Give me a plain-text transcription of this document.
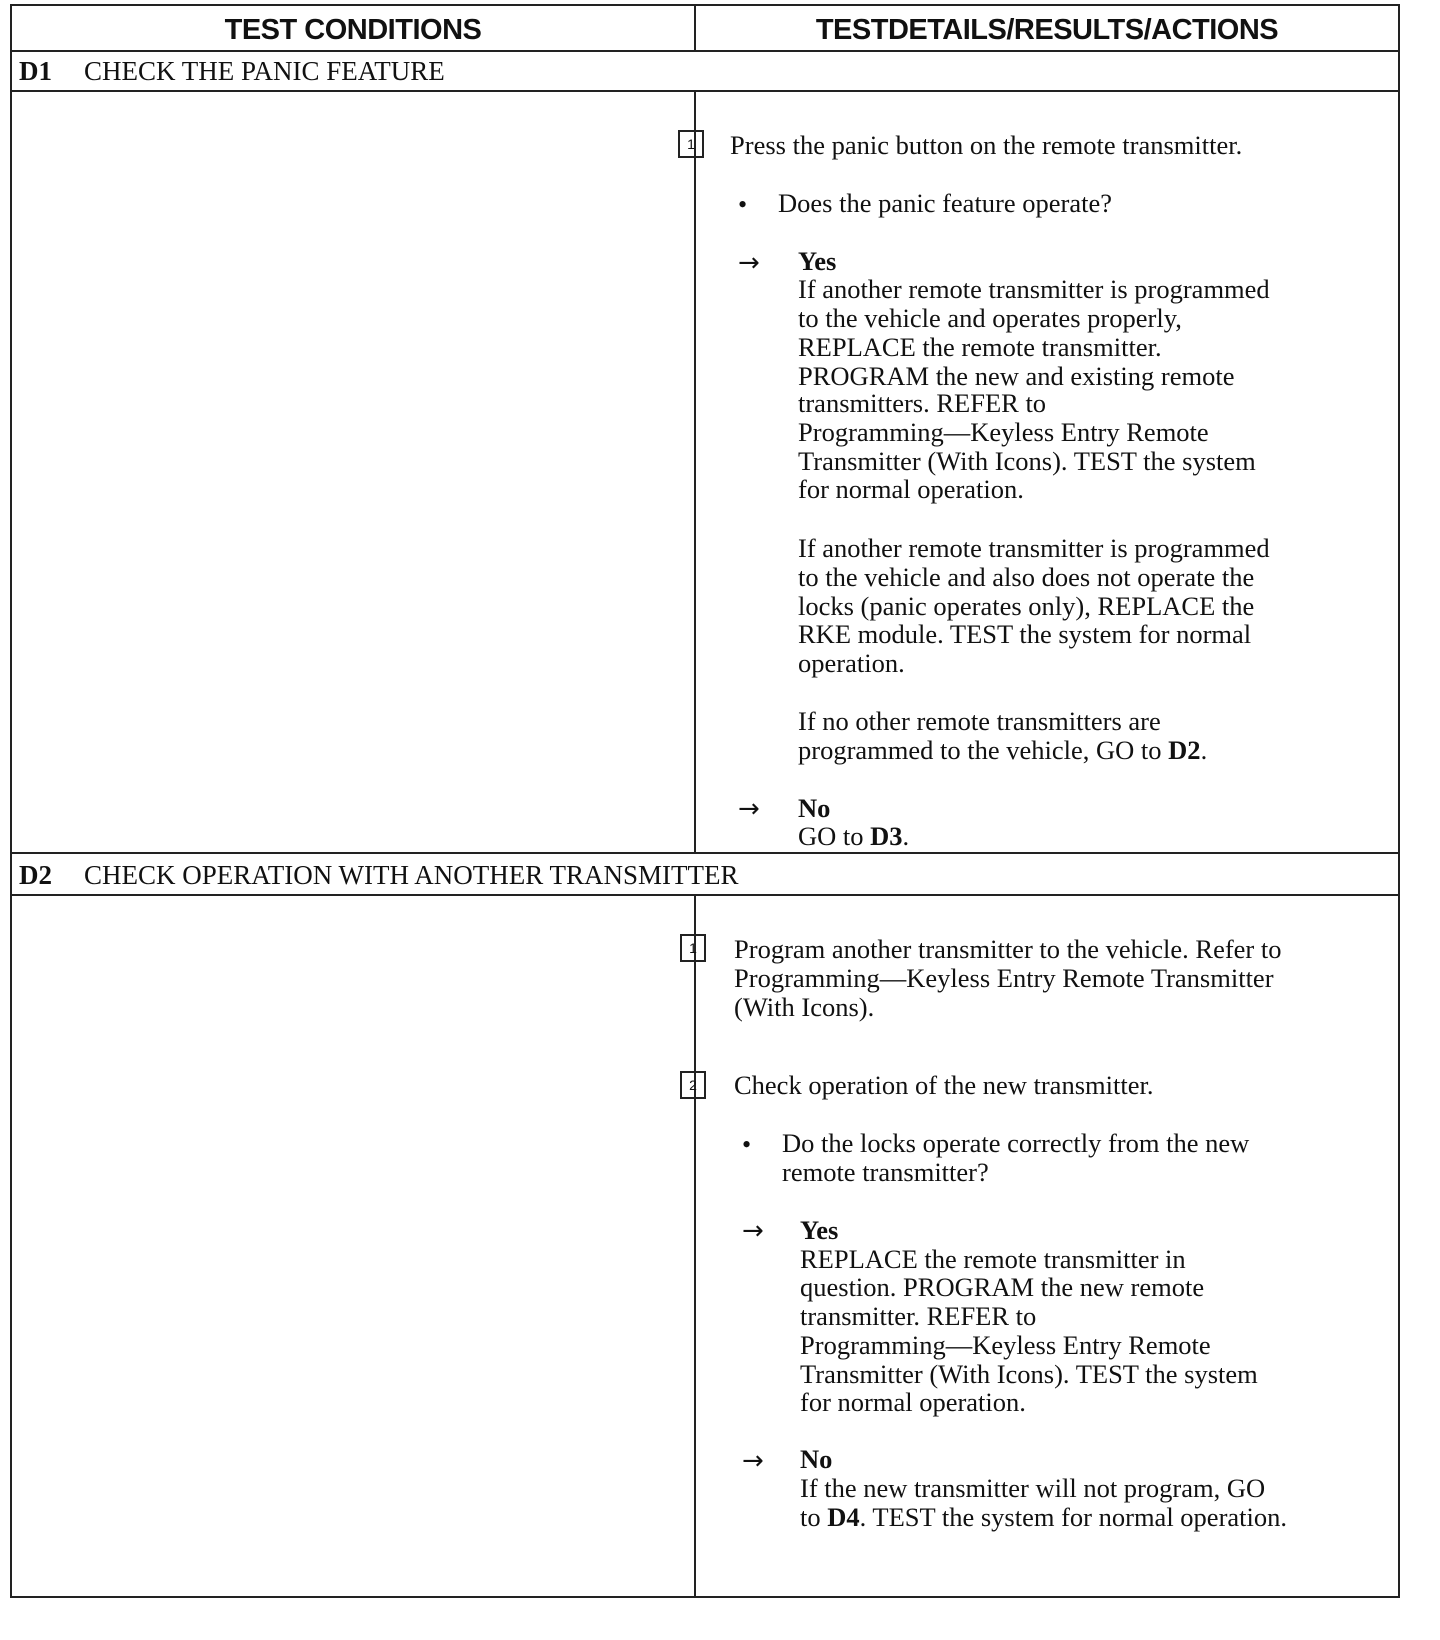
TEST CONDITIONS	TESTDETAILS/RESULTS/ACTIONS
D1 CHECK THE PANIC FEATURE
1	Press the panic button on the remote transmitter.
• Does the panic feature operate?
→ Yes
If another remote transmitter is programmed
to the vehicle and operates properly,
REPLACE the remote transmitter.
PROGRAM the new and existing remote
transmitters. REFER to
Programming—Keyless Entry Remote
Transmitter (With Icons). TEST the system
for normal operation.
If another remote transmitter is programmed
to the vehicle and also does not operate the
locks (panic operates only), REPLACE the
RKE module. TEST the system for normal
operation.
If no other remote transmitters are
programmed to the vehicle, GO to D2.
→ No
GO to D3.
D2 CHECK OPERATION WITH ANOTHER TRANSMITTER
1	Program another transmitter to the vehicle. Refer to
Programming—Keyless Entry Remote Transmitter
(With Icons).
2	Check operation of the new transmitter.
• Do the locks operate correctly from the new
remote transmitter?
→ Yes
REPLACE the remote transmitter in
question. PROGRAM the new remote
transmitter. REFER to
Programming—Keyless Entry Remote
Transmitter (With Icons). TEST the system
for normal operation.
→ No
If the new transmitter will not program, GO
to D4. TEST the system for normal operation.
